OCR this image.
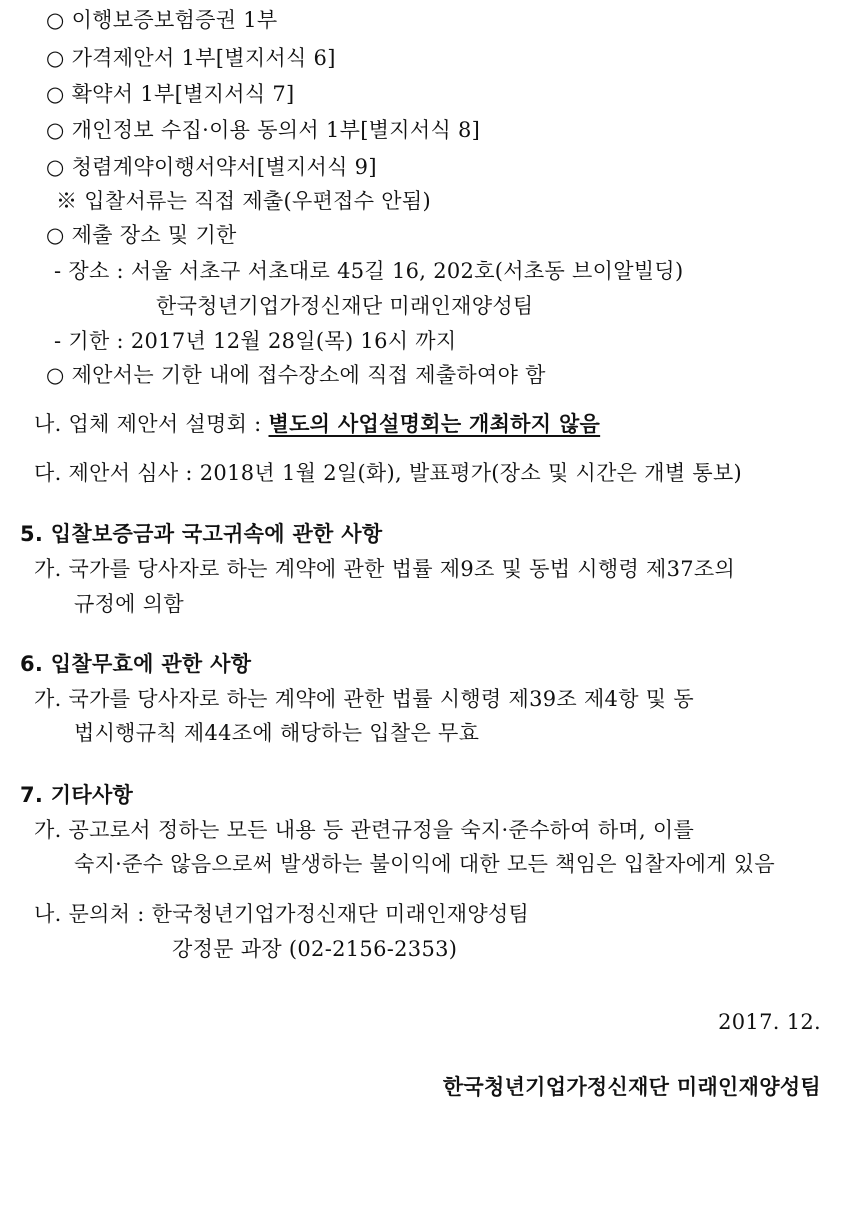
○ 이행보증보험증권 1부
○ 가격제안서 1부[별지서식 6]
○ 확약서 1부[별지서식 7]
○ 개인정보 수집·이용 동의서 1부[별지서식 8]
○ 청렴계약이행서약서[별지서식 9]
※ 입찰서류는 직접 제출(우편접수 안됨)
○ 제출 장소 및 기한
- 장소 : 서울 서초구 서초대로 45길 16, 202호(서초동 브이알빌딩)
한국청년기업가정신재단 미래인재양성팀
- 기한 : 2017년 12월 28일(목) 16시 까지
○ 제안서는 기한 내에 접수장소에 직접 제출하여야 함
나. 업체 제안서 설명회 : 별도의 사업설명회는 개최하지 않음
다. 제안서 심사 : 2018년 1월 2일(화), 발표평가(장소 및 시간은 개별 통보)
5. 입찰보증금과 국고귀속에 관한 사항
가. 국가를 당사자로 하는 계약에 관한 법률 제9조 및 동법 시행령 제37조의
규정에 의함
6. 입찰무효에 관한 사항
가. 국가를 당사자로 하는 계약에 관한 법률 시행령 제39조 제4항 및 동
법시행규칙 제44조에 해당하는 입찰은 무효
7. 기타사항
가. 공고로서 정하는 모든 내용 등 관련규정을 숙지·준수하여 하며, 이를
숙지·준수 않음으로써 발생하는 불이익에 대한 모든 책임은 입찰자에게 있음
나. 문의처 : 한국청년기업가정신재단 미래인재양성팀
강정문 과장 (02-2156-2353)
2017. 12.
한국청년기업가정신재단 미래인재양성팀
